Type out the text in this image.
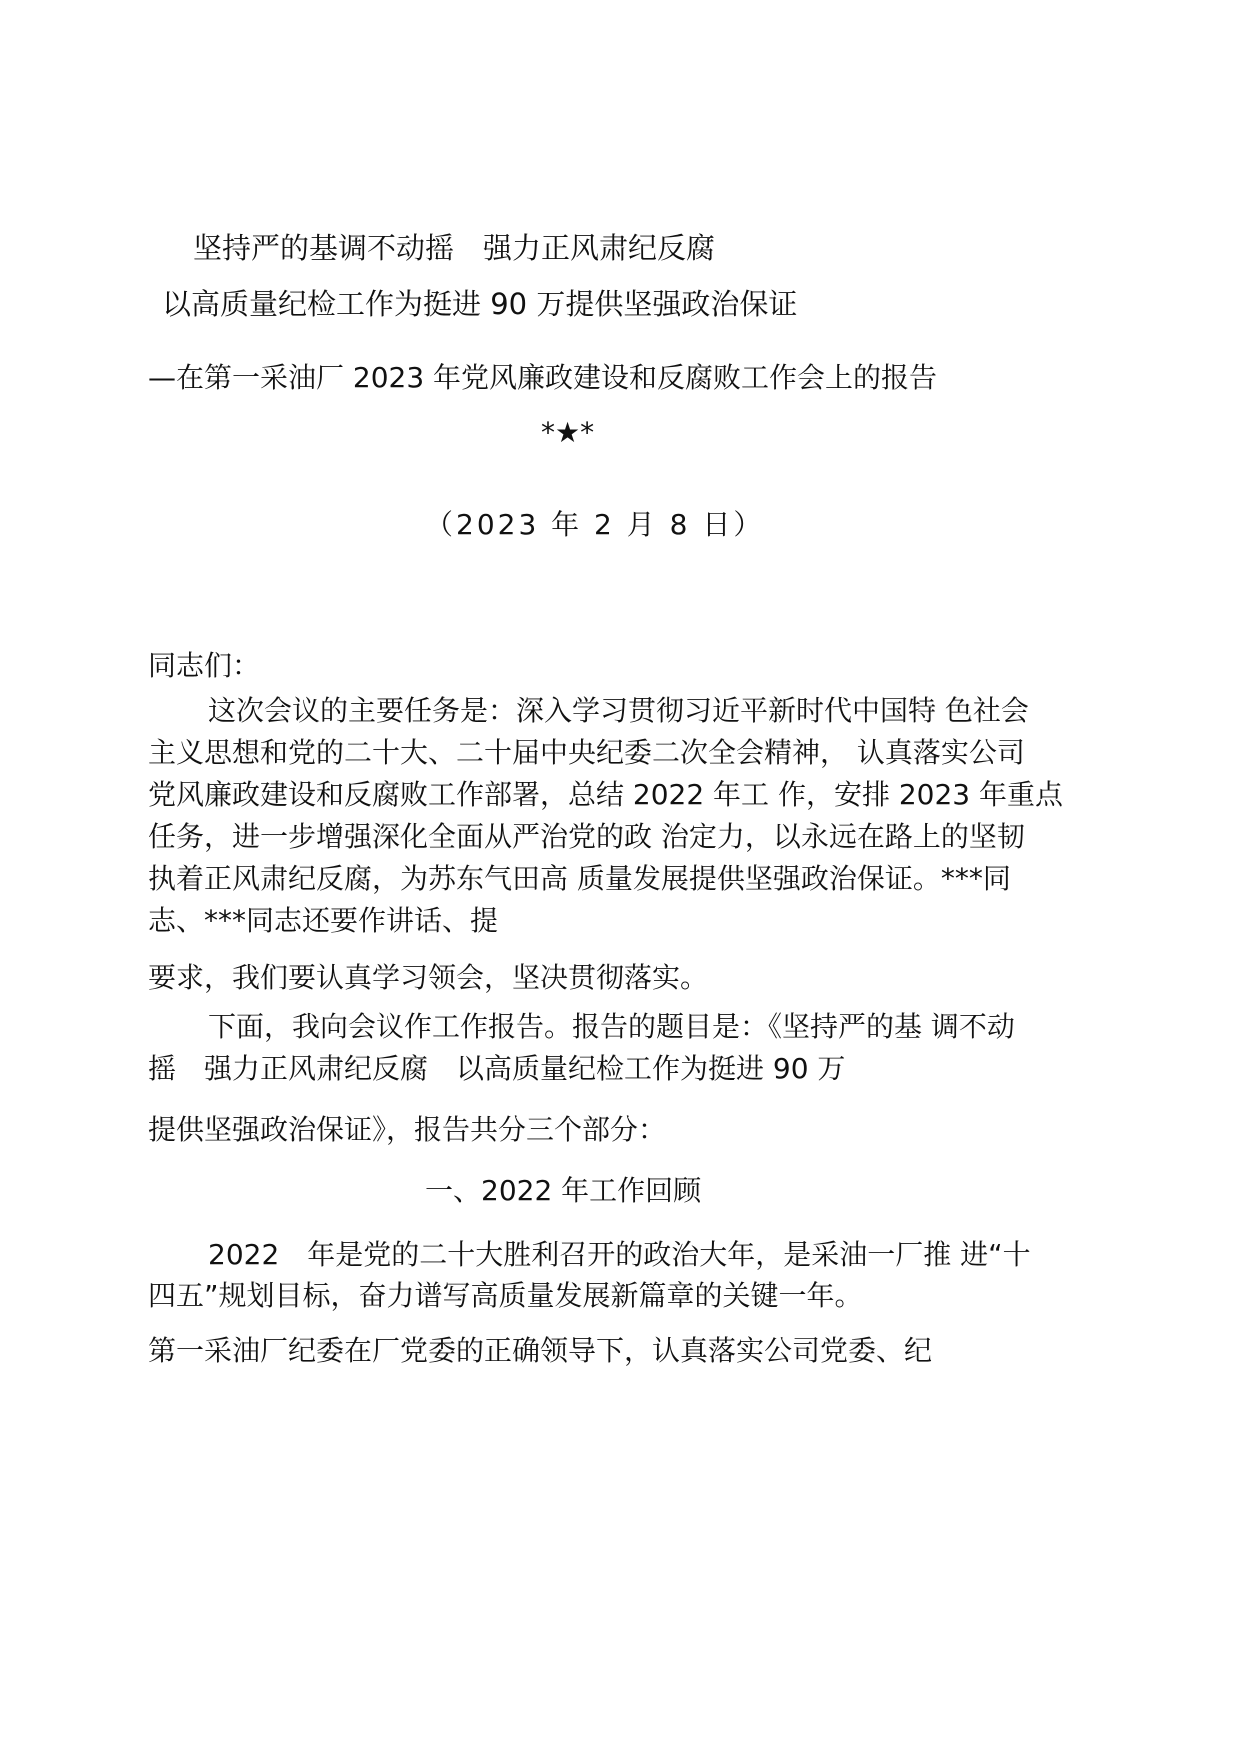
坚持严的基调不动摇　强力正风肃纪反腐
以高质量纪检工作为挺进 90 万提供坚强政治保证
—在第一采油厂 2023 年党风廉政建设和反腐败工作会上的报告
*★*
（2023 年 2 月 8 日）
同志们：
这次会议的主要任务是：深入学习贯彻习近平新时代中国特 色社会
主义思想和党的二十大、二十届中央纪委二次全会精神， 认真落实公司
党风廉政建设和反腐败工作部署，总结 2022 年工 作，安排 2023 年重点
任务，进一步增强深化全面从严治党的政 治定力，以永远在路上的坚韧
执着正风肃纪反腐，为苏东气田高 质量发展提供坚强政治保证。***同
志、***同志还要作讲话、提
要求，我们要认真学习领会，坚决贯彻落实。
下面，我向会议作工作报告。报告的题目是：《坚持严的基 调不动
摇　强力正风肃纪反腐　以高质量纪检工作为挺进 90 万
提供坚强政治保证》，报告共分三个部分：
一、2022 年工作回顾
2022　年是党的二十大胜利召开的政治大年，是采油一厂推 进“十
四五”规划目标，奋力谱写高质量发展新篇章的关键一年。
第一采油厂纪委在厂党委的正确领导下，认真落实公司党委、纪
